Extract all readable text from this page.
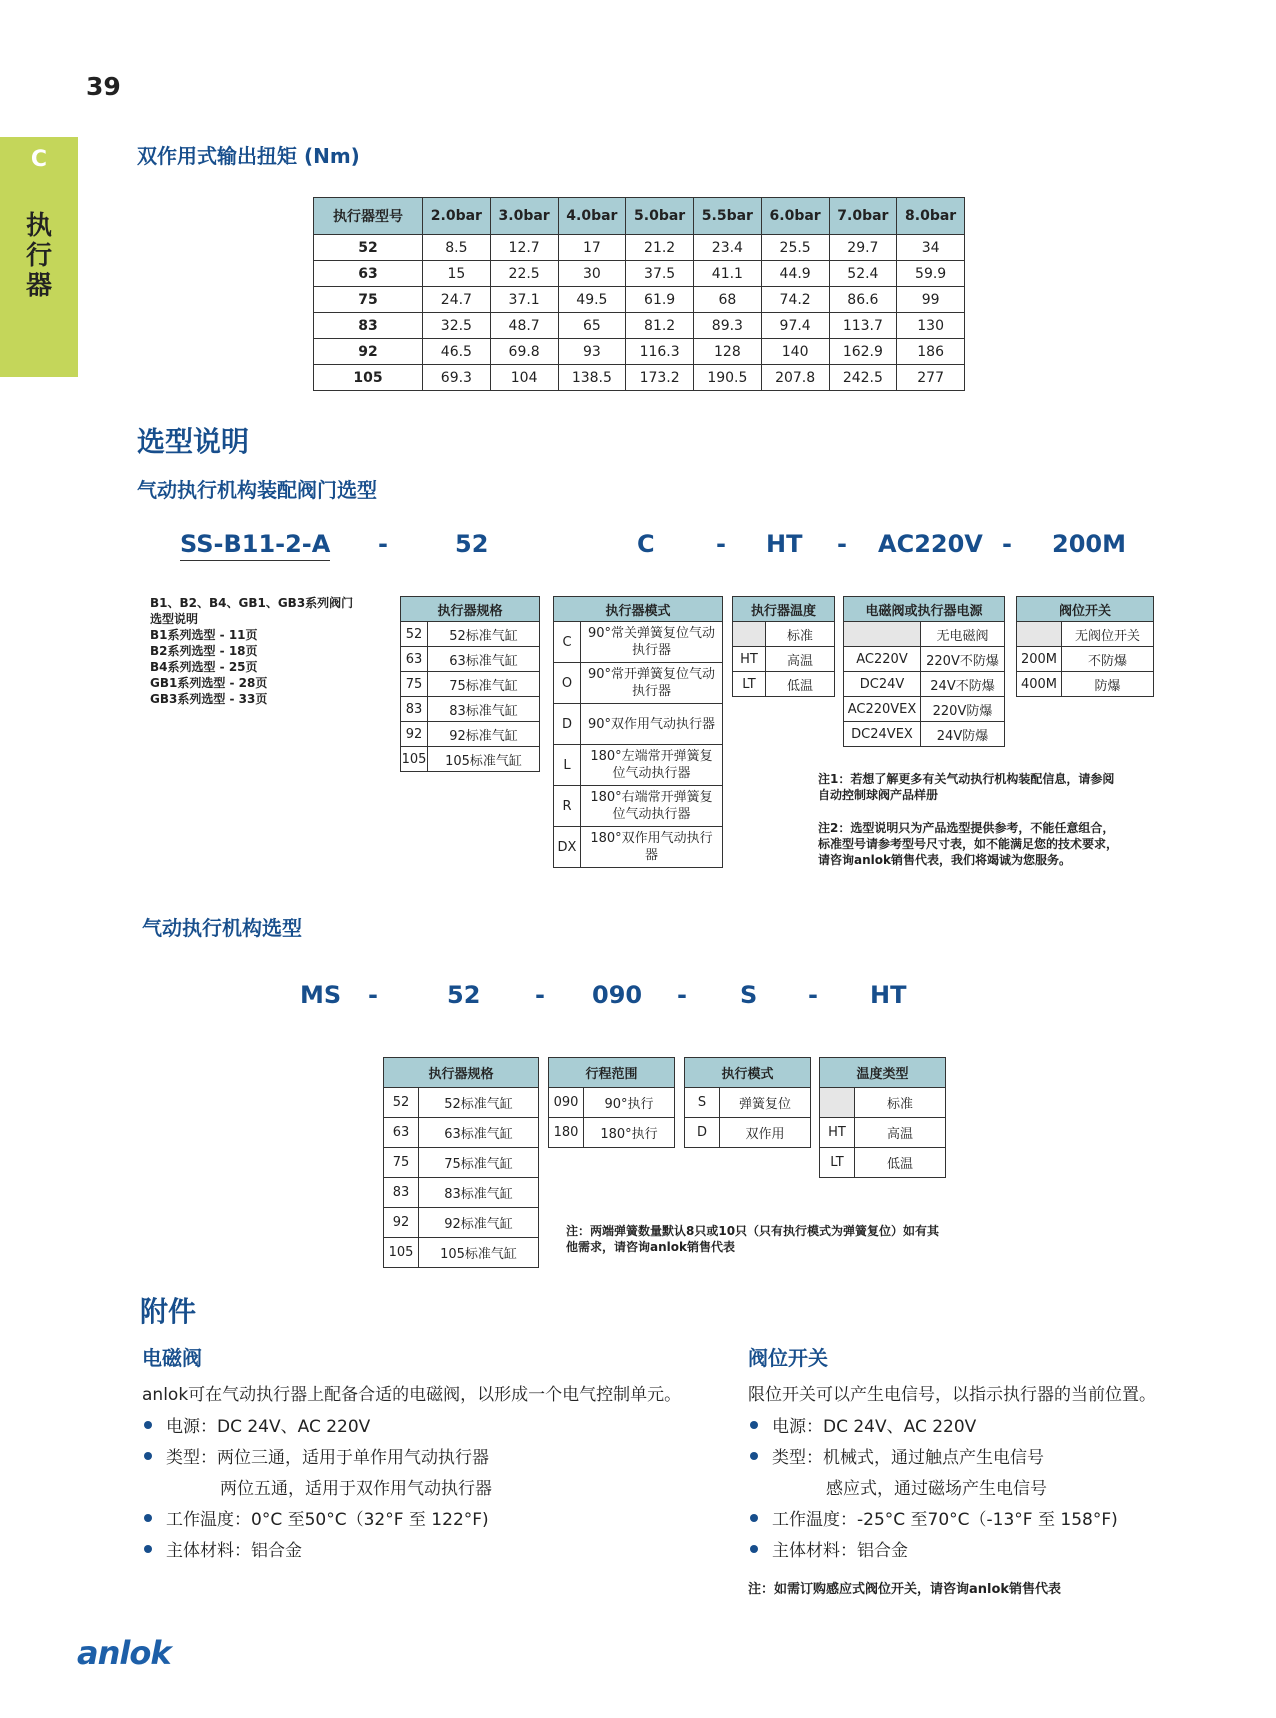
39
C
执行器
双作用式输出扭矩 (Nm)
执行器型号	2.0bar	3.0bar	4.0bar	5.0bar	5.5bar	6.0bar	7.0bar	8.0bar
52	8.5	12.7	17	21.2	23.4	25.5	29.7	34
63	15	22.5	30	37.5	41.1	44.9	52.4	59.9
75	24.7	37.1	49.5	61.9	68	74.2	86.6	99
83	32.5	48.7	65	81.2	89.3	97.4	113.7	130
92	46.5	69.8	93	116.3	128	140	162.9	186
105	69.3	104	138.5	173.2	190.5	207.8	242.5	277
选型说明
气动执行机构装配阀门选型
SS-B11-2-A -	52	C	- HT - AC220V - 200M
B1、B2、B4、GB1、GB3系列阀门
选型说明
B1系列选型 - 11页
B2系列选型 - 18页
B4系列选型 - 25页
GB1系列选型 - 28页
GB3系列选型 - 33页
执行器规格	
52	52标准气缸
63	63标准气缸
75	75标准气缸
83	83标准气缸
92	92标准气缸
105	105标准气缸
执行器模式	
C	90°常关弹簧复位气动执行器
O	90°常开弹簧复位气动执行器
D	90°双作用气动执行器
L	180°左端常开弹簧复位气动执行器
R	180°右端常开弹簧复位气动执行器
DX	180°双作用气动执行器
执行器温度	
	标准
HT	高温
LT	低温
电磁阀或执行器电源	
	无电磁阀
AC220V	220V不防爆
DC24V	24V不防爆
AC220VEX	220V防爆
DC24VEX	24V防爆
阀位开关	
	无阀位开关
200M	不防爆
400M	防爆
注1：若想了解更多有关气动执行机构装配信息，请参阅自动控制球阀产品样册
注2：选型说明只为产品选型提供参考，不能任意组合，标准型号请参考型号尺寸表，如不能满足您的技术要求，请咨询anlok销售代表，我们将竭诚为您服务。
气动执行机构选型
MS -	52 - 090 - S - HT
执行器规格	
52	52标准气缸
63	63标准气缸
75	75标准气缸
83	83标准气缸
92	92标准气缸
105	105标准气缸
行程范围	
090	90°执行
180	180°执行
执行模式	
S	弹簧复位
D	双作用
温度类型	
	标准
HT	高温
LT	低温
注：两端弹簧数量默认8只或10只（只有执行模式为弹簧复位）如有其他需求，请咨询anlok销售代表
附件
电磁阀
anlok可在气动执行器上配备合适的电磁阀，以形成一个电气控制单元。
电源：DC 24V、AC 220V
类型：两位三通，适用于单作用气动执行器
两位五通，适用于双作用气动执行器
工作温度：0°C 至50°C（32°F 至 122°F)
主体材料：铝合金
阀位开关
限位开关可以产生电信号，以指示执行器的当前位置。
电源：DC 24V、AC 220V
类型：机械式，通过触点产生电信号
感应式，通过磁场产生电信号
工作温度：-25°C 至70°C（-13°F 至 158°F)
主体材料：铝合金
注：如需订购感应式阀位开关，请咨询anlok销售代表
anlok
